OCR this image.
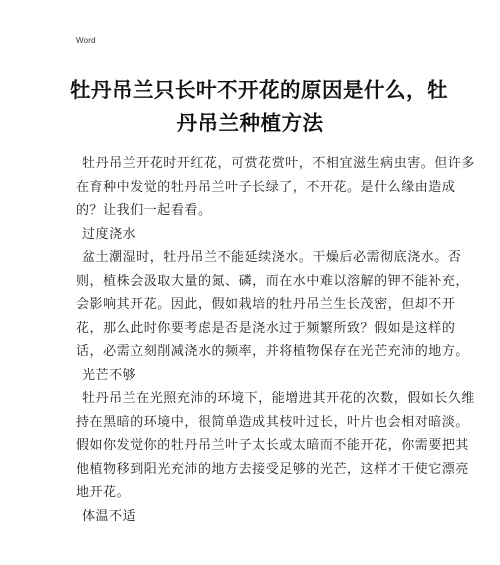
Word
牡丹吊兰只长叶不开花的原因是什么，牡
丹吊兰种植方法
牡丹吊兰开花时开红花，可赏花赏叶，不相宜滋生病虫害。但许多
在育种中发觉的牡丹吊兰叶子长绿了，不开花。是什么缘由造成
的？让我们一起看看。
过度浇水
盆土潮湿时，牡丹吊兰不能延续浇水。干燥后必需彻底浇水。否
则，植株会汲取大量的氮、磷，而在水中难以溶解的钾不能补充，
会影响其开花。因此，假如栽培的牡丹吊兰生长茂密，但却不开
花，那么此时你要考虑是否是浇水过于频繁所致？假如是这样的
话，必需立刻削减浇水的频率，并将植物保存在光芒充沛的地方。
光芒不够
牡丹吊兰在光照充沛的环境下，能增进其开花的次数，假如长久维
持在黑暗的环境中，很简单造成其枝叶过长，叶片也会相对暗淡。
假如你发觉你的牡丹吊兰叶子太长或太暗而不能开花，你需要把其
他植物移到阳光充沛的地方去接受足够的光芒，这样才干使它漂亮
地开花。
体温不适
